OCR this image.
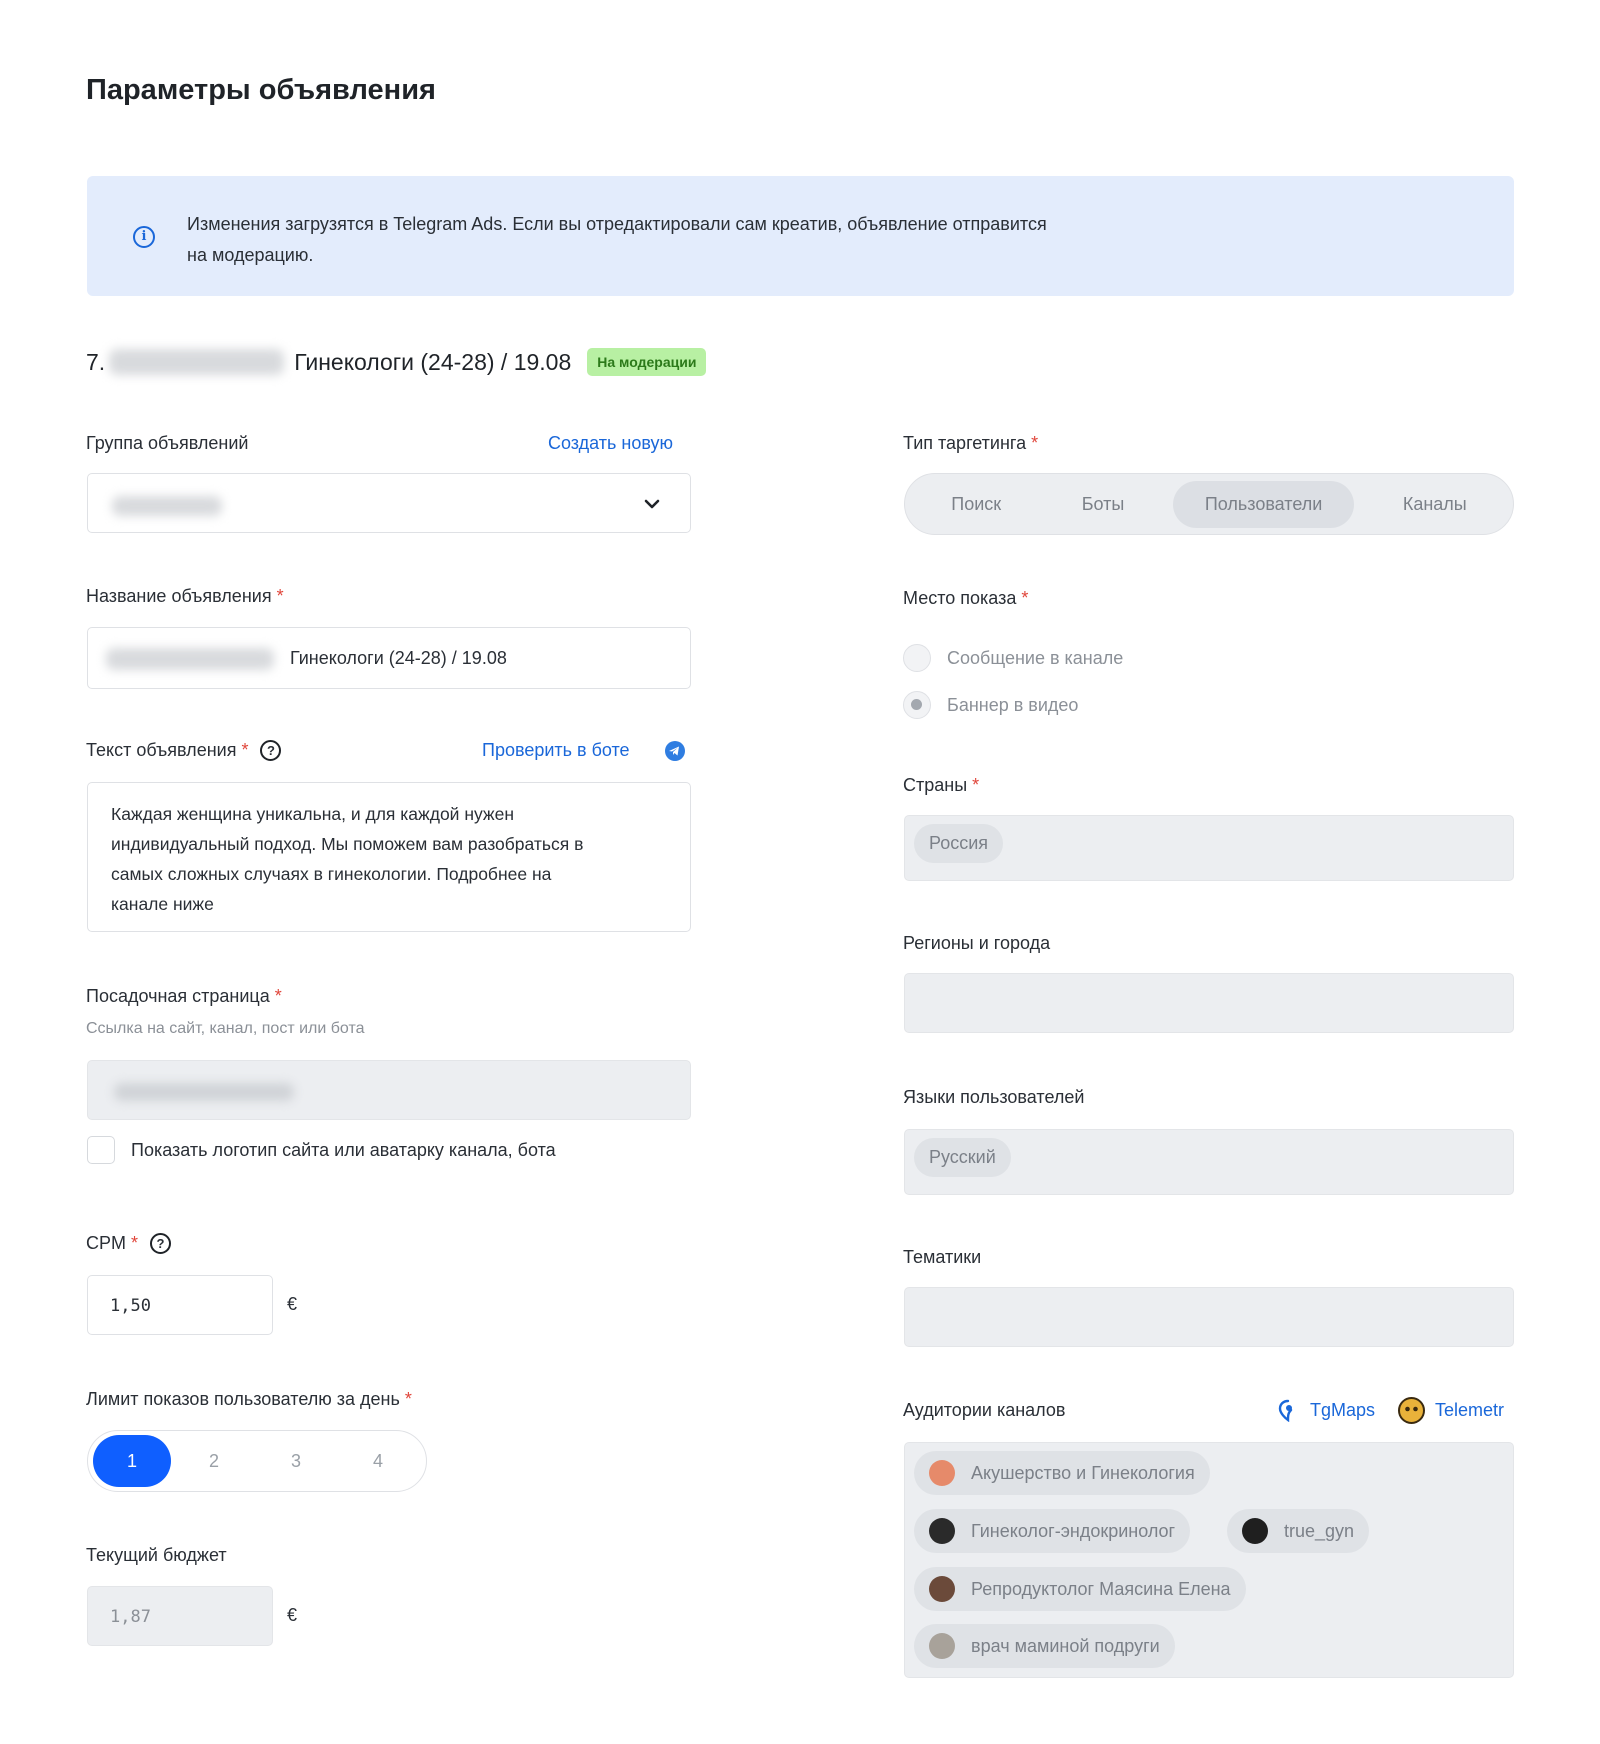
Параметры объявления
i
Изменения загрузятся в Telegram Ads. Если вы отредактировали сам креатив, объявление отправится
на модерацию.
7.	Гинекологи (24-28) / 19.08	На модерации
Группа объявлений	Создать новую
Название объявления *
Гинекологи (24-28) / 19.08
Текст объявления *	?	Проверить в боте
Каждая женщина уникальна, и для каждой нужен
индивидуальный подход. Мы поможем вам разобраться в
самых сложных случаях в гинекологии. Подробнее на
канале ниже
Посадочная страница *
Ссылка на сайт, канал, пост или бота
Показать логотип сайта или аватарку канала, бота
CPM *	?
1,50	€
Лимит показов пользователю за день *
1	2	3	4
Текущий бюджет
1,87	€
Тип таргетинга *
Поиск	Боты	Пользователи	Каналы
Место показа *
Сообщение в канале
Баннер в видео
Страны *
Россия
Регионы и города
Языки пользователей
Русский
Тематики
Аудитории каналов	TgMaps	Telemetr
Акушерство и Гинекология
Гинеколог-эндокринолог	true_gyn
Репродуктолог Маясина Елена
врач маминой подруги
